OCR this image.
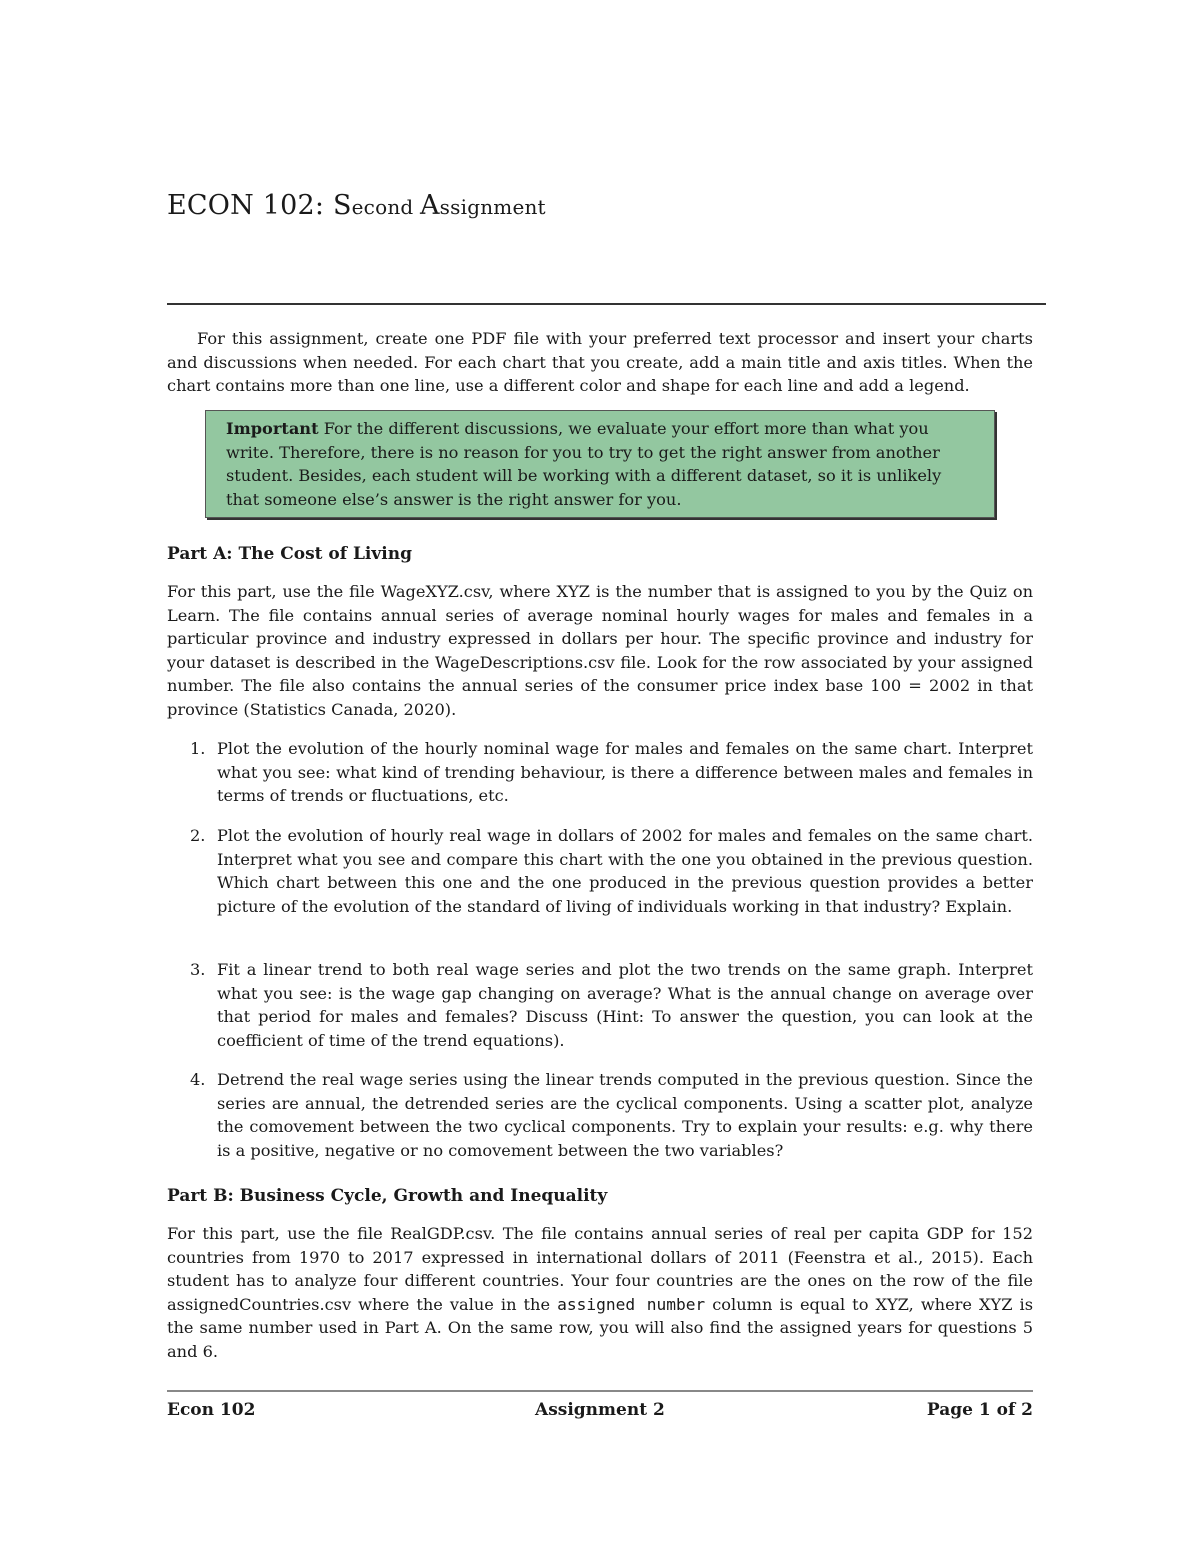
ECON 102: Second Assignment

For this assignment, create one PDF file with your preferred text processor and insert your charts and discussions when needed. For each chart that you create, add a main title and axis titles. When the chart contains more than one line, use a different color and shape for each line and add a legend.

Important For the different discussions, we evaluate your effort more than what you write. Therefore, there is no reason for you to try to get the right answer from another student. Besides, each student will be working with a different dataset, so it is unlikely that someone else’s answer is the right answer for you.
Part A: The Cost of Living

For this part, use the file WageXYZ.csv, where XYZ is the number that is assigned to you by the Quiz on Learn. The file contains annual series of average nominal hourly wages for males and females in a particular province and industry expressed in dollars per hour. The specific province and industry for your dataset is described in the WageDescriptions.csv file. Look for the row associated by your assigned number. The file also contains the annual series of the consumer price index base 100 = 2002 in that province (Statistics Canada, 2020).

1. Plot the evolution of the hourly nominal wage for males and females on the same chart. Interpret what you see: what kind of trending behaviour, is there a difference between males and females in terms of trends or fluctuations, etc.
2. Plot the evolution of hourly real wage in dollars of 2002 for males and females on the same chart. Interpret what you see and compare this chart with the one you obtained in the previous question. Which chart between this one and the one produced in the previous question provides a better picture of the evolution of the standard of living of individuals working in that industry? Explain.
3. Fit a linear trend to both real wage series and plot the two trends on the same graph. Interpret what you see: is the wage gap changing on average? What is the annual change on average over that period for males and females? Discuss (Hint: To answer the question, you can look at the coefficient of time of the trend equations).
4. Detrend the real wage series using the linear trends computed in the previous question. Since the series are annual, the detrended series are the cyclical components. Using a scatter plot, analyze the comovement between the two cyclical components. Try to explain your results: e.g. why there is a positive, negative or no comovement between the two variables?
Part B: Business Cycle, Growth and Inequality

For this part, use the file RealGDP.csv. The file contains annual series of real per capita GDP for 152 countries from 1970 to 2017 expressed in international dollars of 2011 (Feenstra et al., 2015). Each student has to analyze four different countries. Your four countries are the ones on the row of the file assignedCountries.csv where the value in the assigned number column is equal to XYZ, where XYZ is the same number used in Part A. On the same row, you will also find the assigned years for questions 5 and 6.

Econ 102	Assignment 2	Page 1 of 2
